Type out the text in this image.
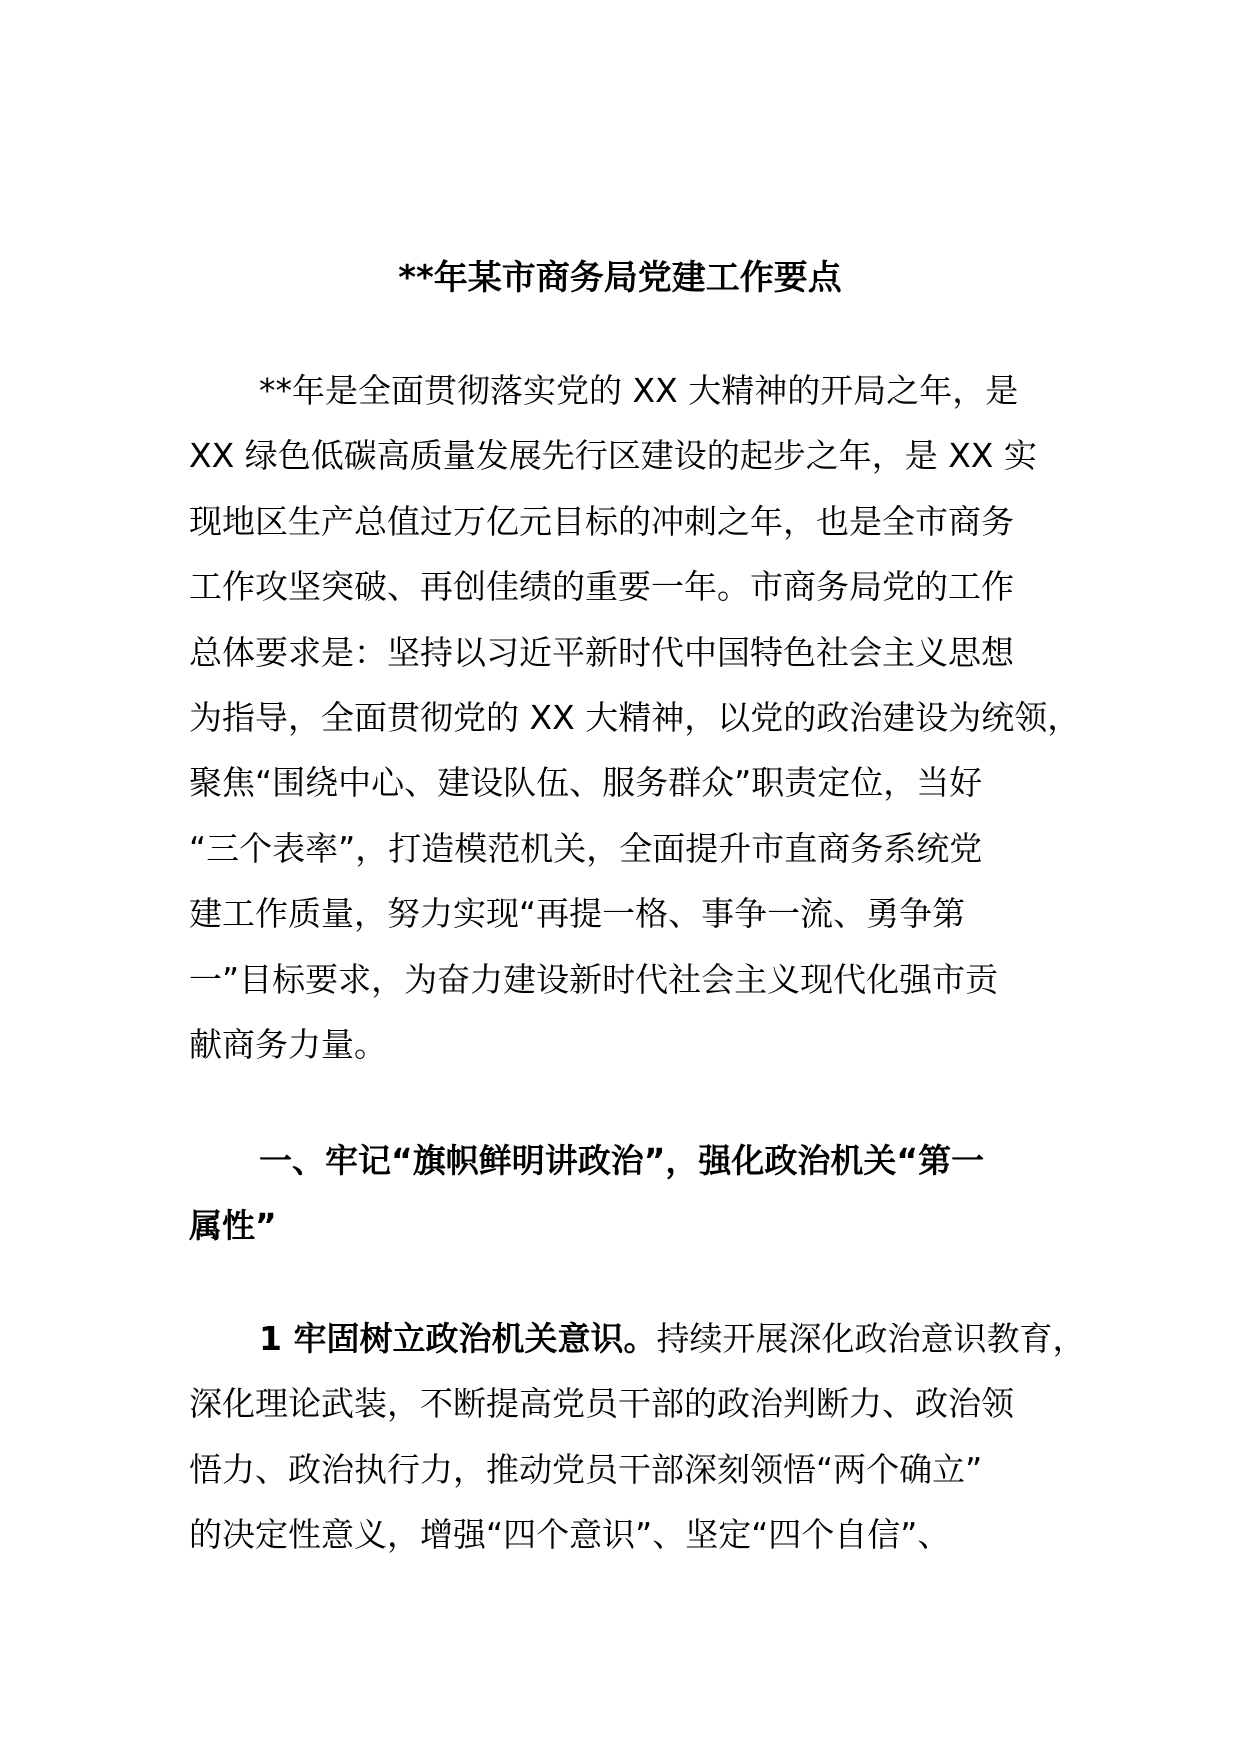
**年某市商务局党建工作要点
**年是全面贯彻落实党的 XX 大精神的开局之年，是
XX 绿色低碳高质量发展先行区建设的起步之年，是 XX 实
现地区生产总值过万亿元目标的冲刺之年，也是全市商务
工作攻坚突破、再创佳绩的重要一年。市商务局党的工作
总体要求是：坚持以习近平新时代中国特色社会主义思想
为指导，全面贯彻党的 XX 大精神，以党的政治建设为统领，
聚焦“围绕中心、建设队伍、服务群众”职责定位，当好
“三个表率”，打造模范机关，全面提升市直商务系统党
建工作质量，努力实现“再提一格、事争一流、勇争第
一”目标要求，为奋力建设新时代社会主义现代化强市贡
献商务力量。
一、牢记“旗帜鲜明讲政治”，强化政治机关“第一
属性”
1 牢固树立政治机关意识。持续开展深化政治意识教育，
深化理论武装，不断提高党员干部的政治判断力、政治领
悟力、政治执行力，推动党员干部深刻领悟“两个确立”
的决定性意义，增强“四个意识”、坚定“四个自信”、
